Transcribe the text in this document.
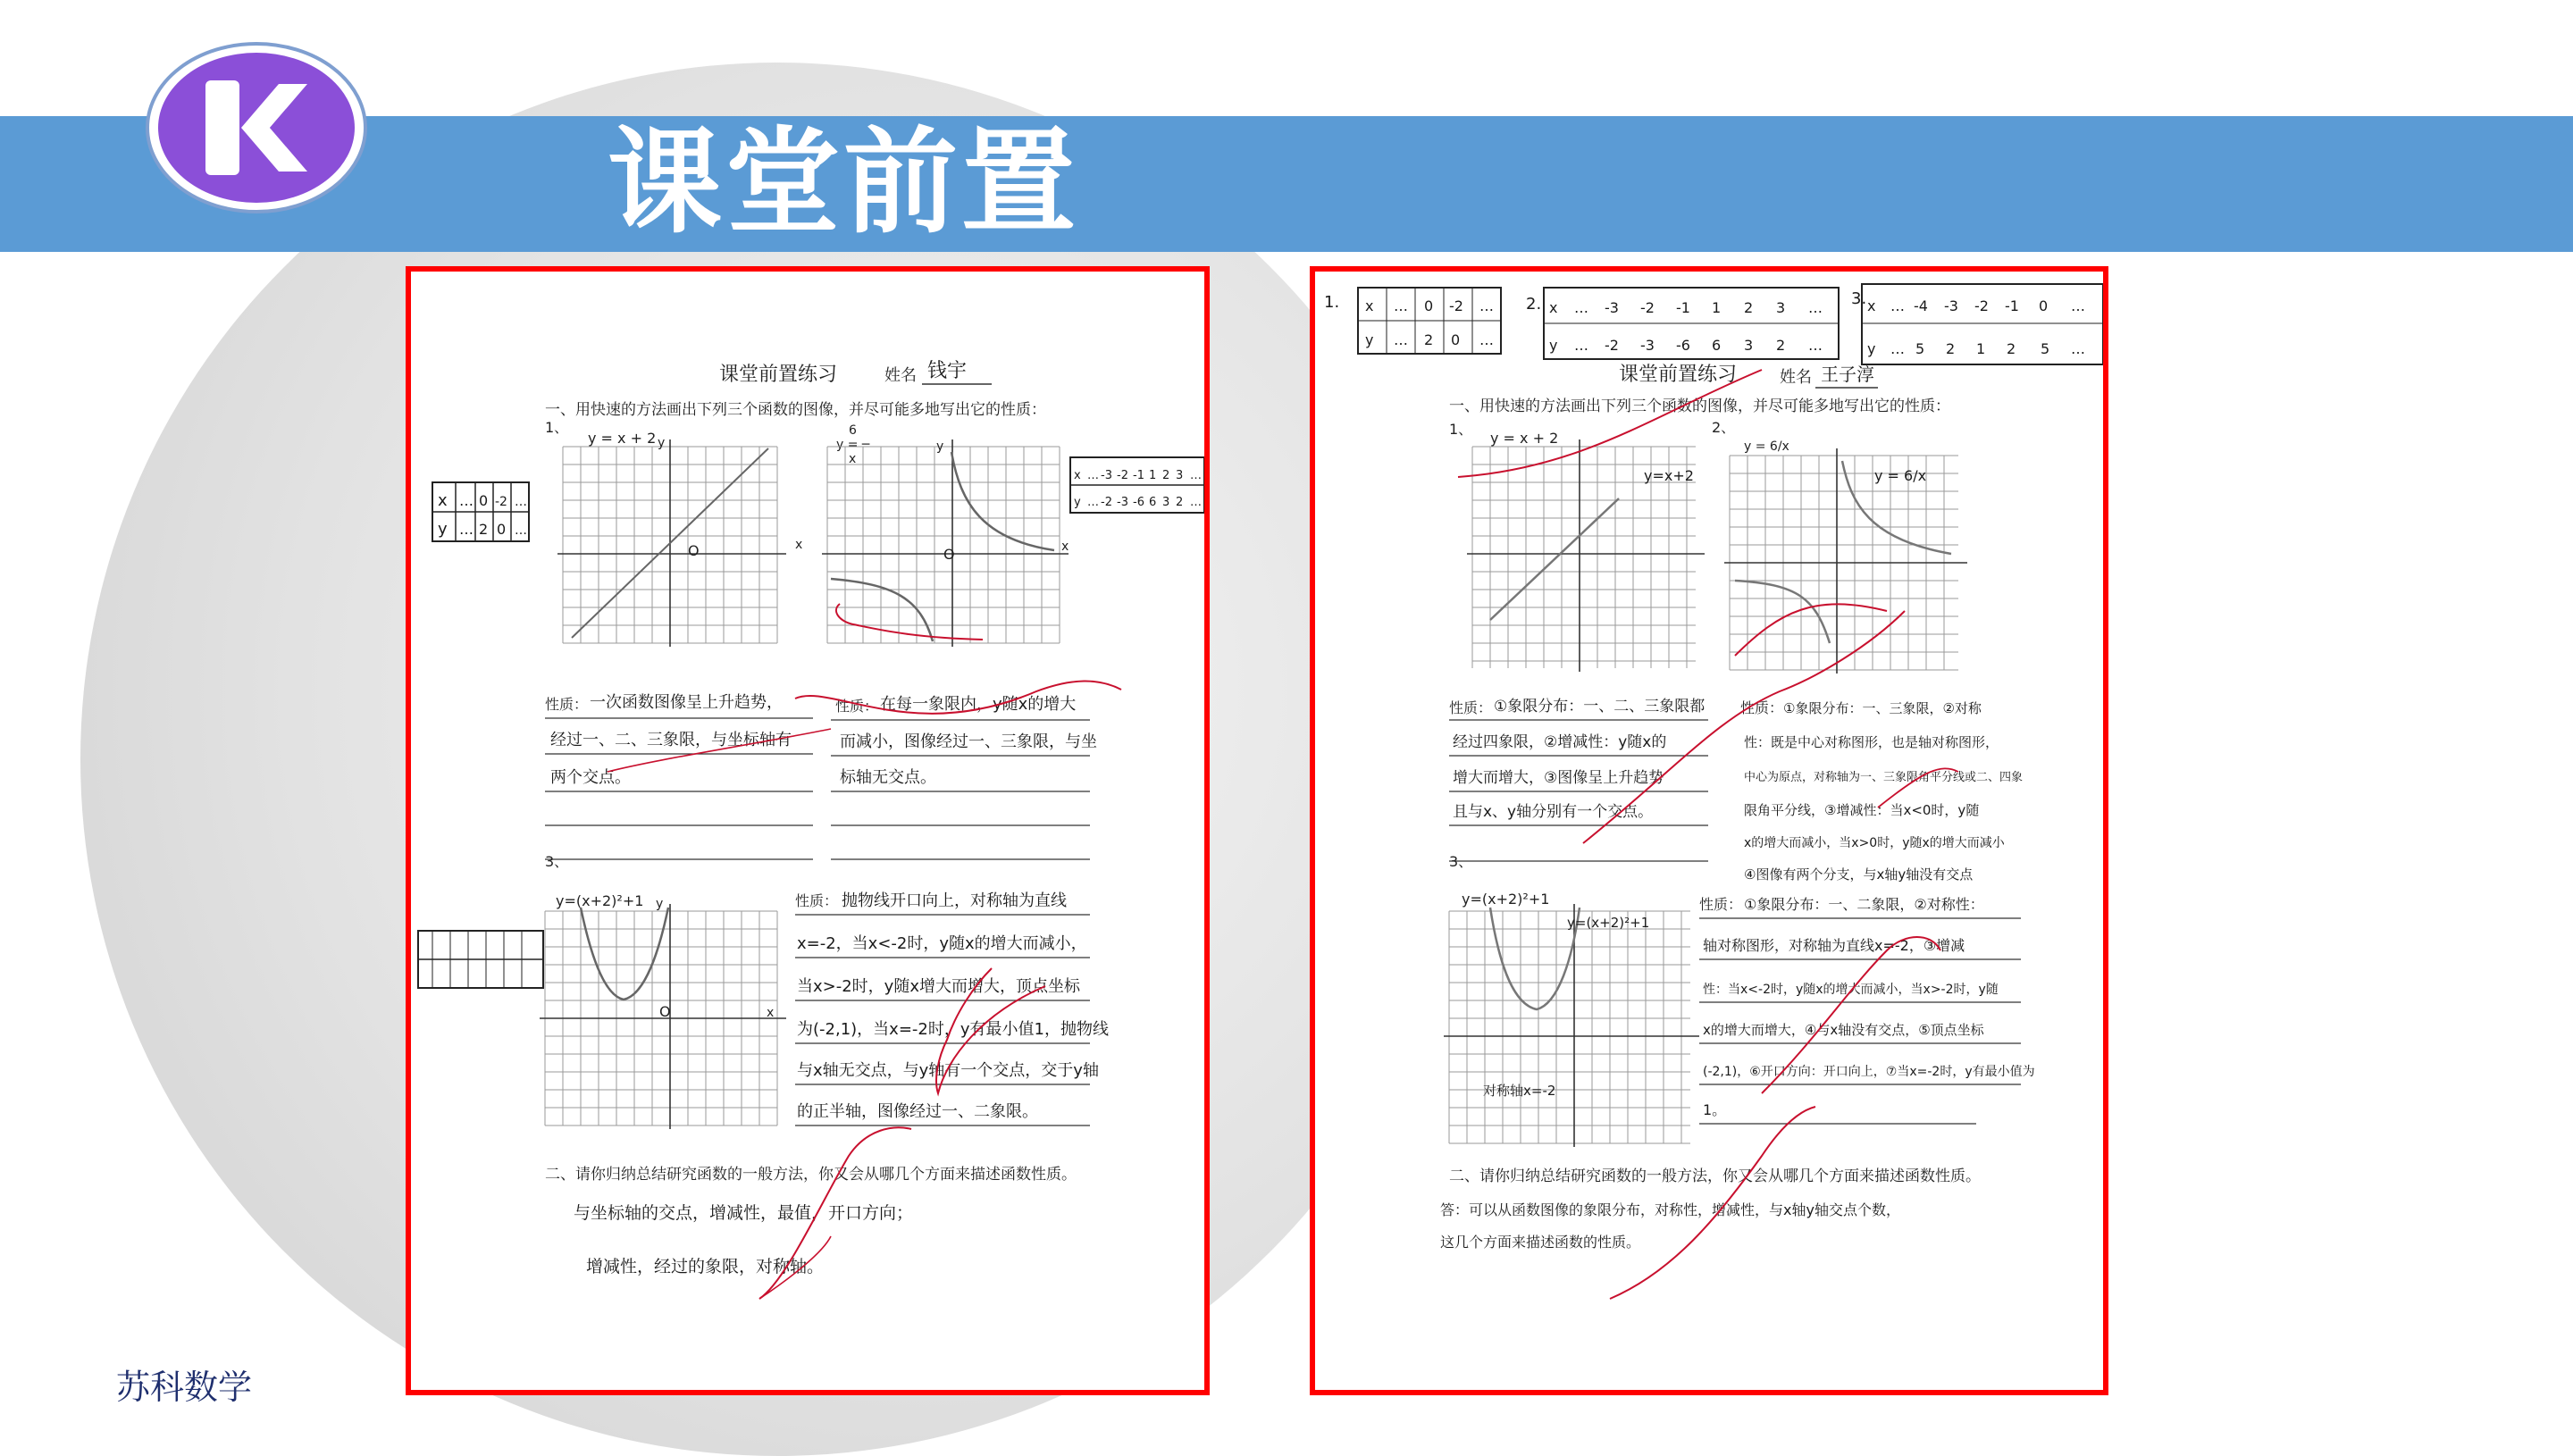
课堂前置
苏科数学
课堂前置练习	姓名 钱宇
一、用快速的方法画出下列三个函数的图像，并尽可能多地写出它的性质：
1、
x … 0 -2 …
y … 2 0 …
x … -3 -2 -1 1 2 3 …
y … -2 -3 -6 6 3 2 …
y = x + 2
x
y
O
6
y = ─
x
x
y
O
性质： 一次函数图像呈上升趋势，
经过一、二、三象限，与坐标轴有
两个交点。
性质： 在每一象限内，y随x的增大
而减小，图像经过一、三象限，与坐
标轴无交点。
3、
y=(x+2)²+1
x
y
O
性质： 抛物线开口向上，对称轴为直线
x=-2，当x<-2时，y随x的增大而减小，
当x>-2时，y随x增大而增大，顶点坐标
为(-2,1)，当x=-2时，y有最小值1，抛物线
与x轴无交点，与y轴有一个交点，交于y轴
的正半轴，图像经过一、二象限。
二、请你归纳总结研究函数的一般方法，你又会从哪几个方面来描述函数性质。
与坐标轴的交点，增减性，最值，开口方向；
增减性，经过的象限，对称轴。
1. x … 0 -2 …
y … 2 0 …
2. x … -3 -2 -1 1 2 3 …
y … -2 -3 -6 6 3 2 …
3. x … -4 -3 -2 -1 0 …
y … 5 2 1 2 5 …
课堂前置练习	姓名 王子淳
一、用快速的方法画出下列三个函数的图像，并尽可能多地写出它的性质：
1、	2、
y = x + 2
y=x+2
y = 6/x
y = 6/x
性质： ①象限分布：一、二、三象限都
经过四象限，②增减性：y随x的
增大而增大，③图像呈上升趋势
且与x、y轴分别有一个交点。
性质： ①象限分布：一、三象限，②对称
性：既是中心对称图形，也是轴对称图形，
中心为原点，对称轴为一、三象限角平分线或二、四象
限角平分线，③增减性：当x<0时，y随
x的增大而减小，当x>0时，y随x的增大而减小
④图像有两个分支，与x轴y轴没有交点
3、
y=(x+2)²+1
y=(x+2)²+1
对称轴x=-2
性质： ①象限分布：一、二象限，②对称性：
轴对称图形，对称轴为直线x=-2，③增减
性：当x<-2时，y随x的增大而减小，当x>-2时，y随
x的增大而增大，④与x轴没有交点，⑤顶点坐标
(-2,1)，⑥开口方向：开口向上，⑦当x=-2时，y有最小值为
1。
二、请你归纳总结研究函数的一般方法，你又会从哪几个方面来描述函数性质。
答：可以从函数图像的象限分布，对称性，增减性，与x轴y轴交点个数，
这几个方面来描述函数的性质。
